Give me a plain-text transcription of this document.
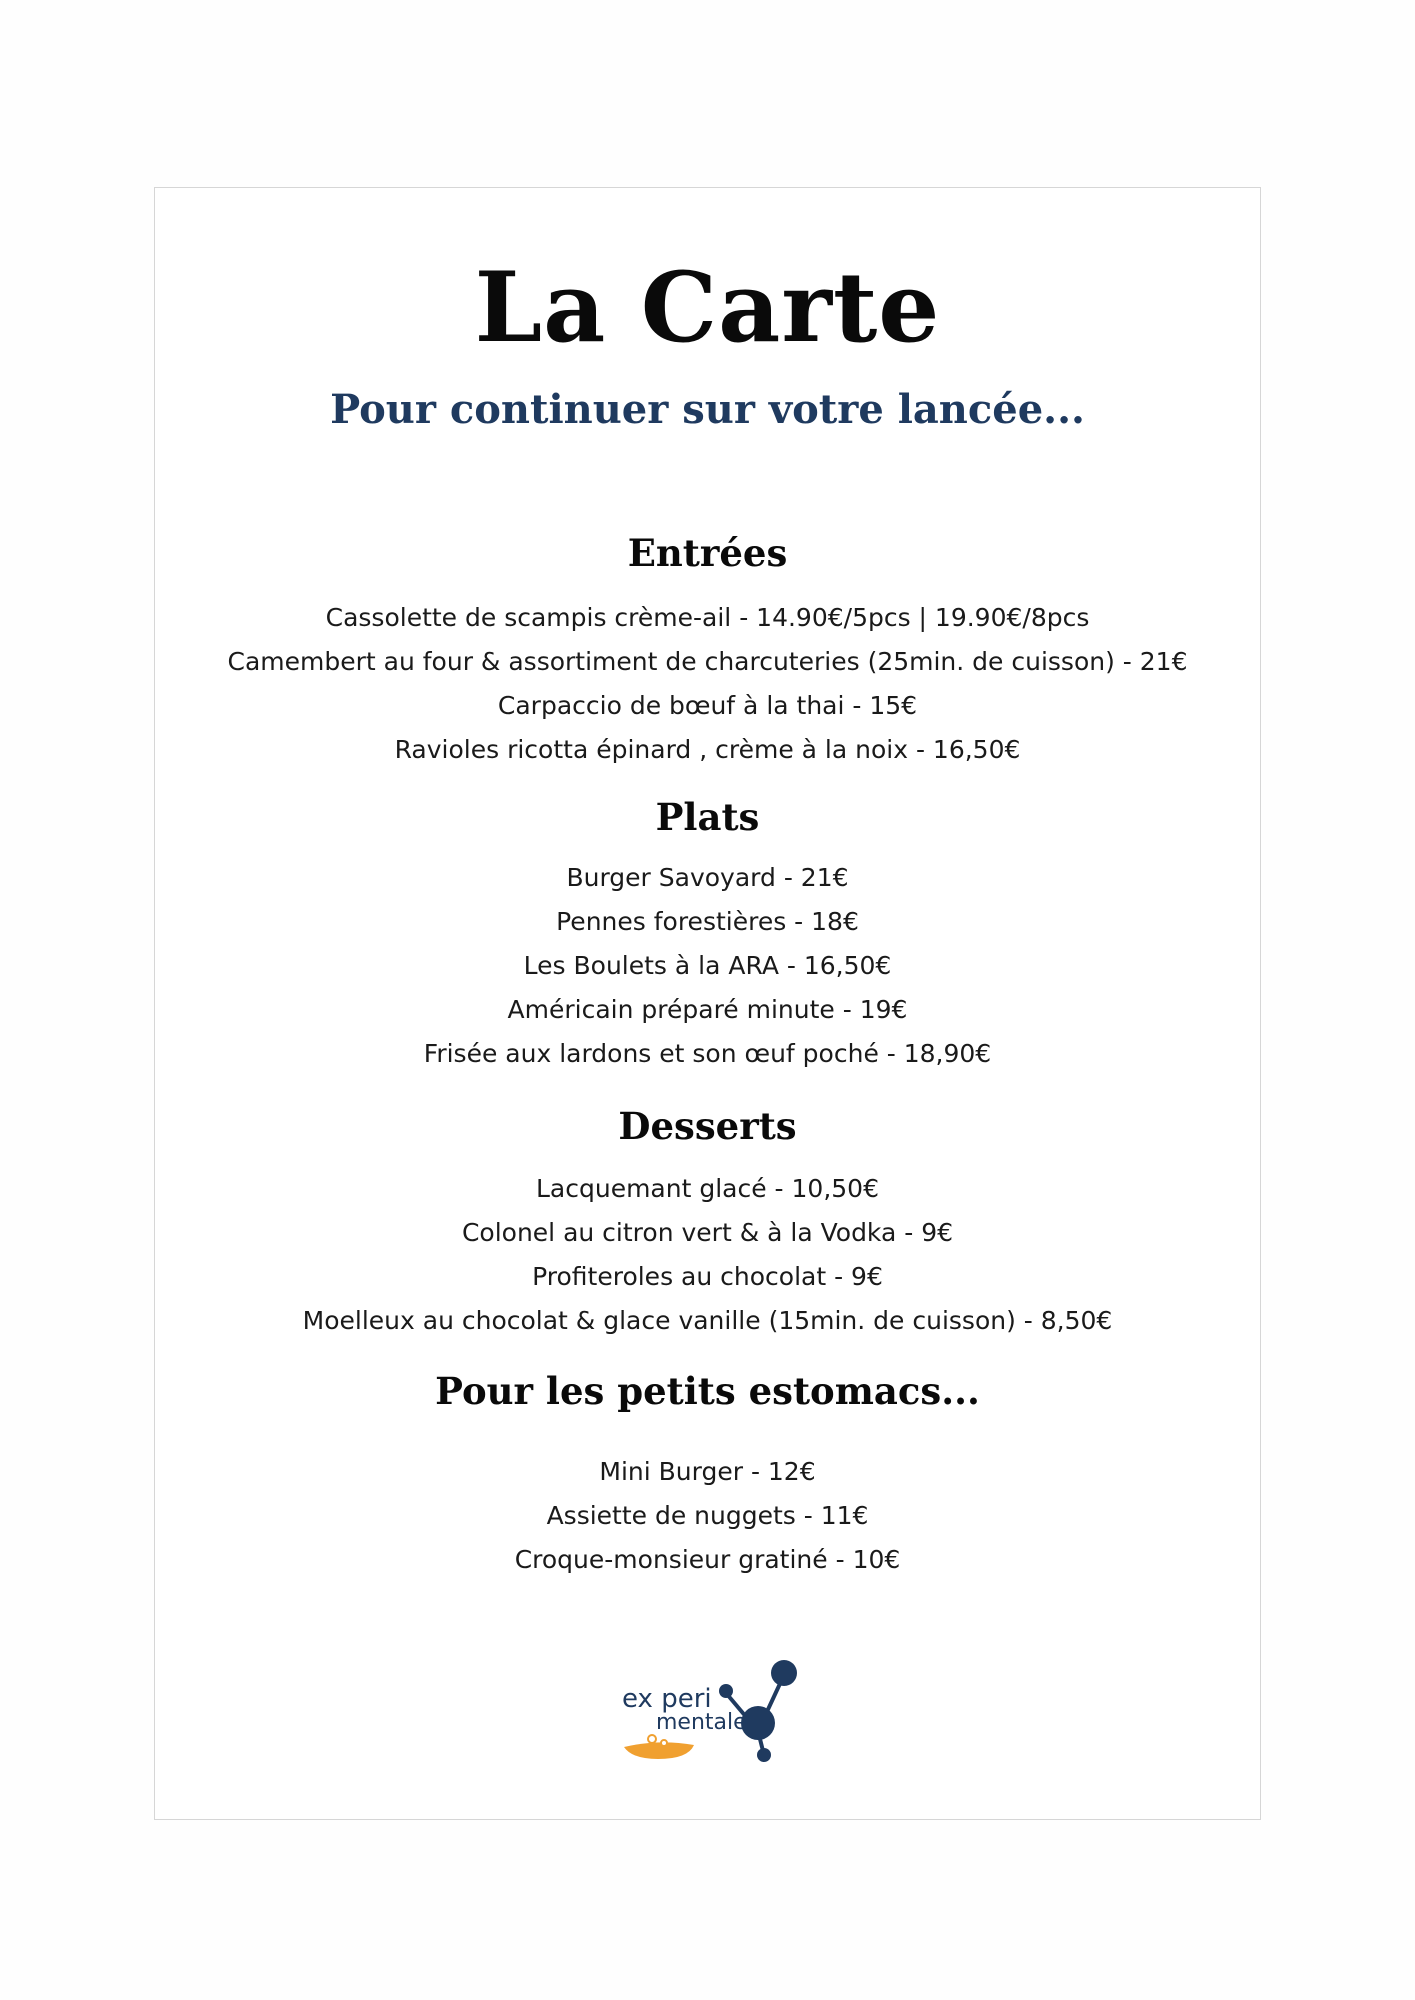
La Carte
Pour continuer sur votre lancée...
Entrées
Cassolette de scampis crème-ail - 14.90€/5pcs | 19.90€/8pcs
Camembert au four & assortiment de charcuteries (25min. de cuisson) - 21€
Carpaccio de bœuf à la thai - 15€
Ravioles ricotta épinard , crème à la noix - 16,50€
Plats
Burger Savoyard - 21€
Pennes forestières - 18€
Les Boulets à la ARA - 16,50€
Américain préparé minute - 19€
Frisée aux lardons et son œuf poché - 18,90€
Desserts
Lacquemant glacé - 10,50€
Colonel au citron vert & à la Vodka - 9€
Profiteroles au chocolat - 9€
Moelleux au chocolat & glace vanille (15min. de cuisson) - 8,50€
Pour les petits estomacs...
Mini Burger - 12€
Assiette de nuggets - 11€
Croque-monsieur gratiné - 10€
ex peri
mentale
